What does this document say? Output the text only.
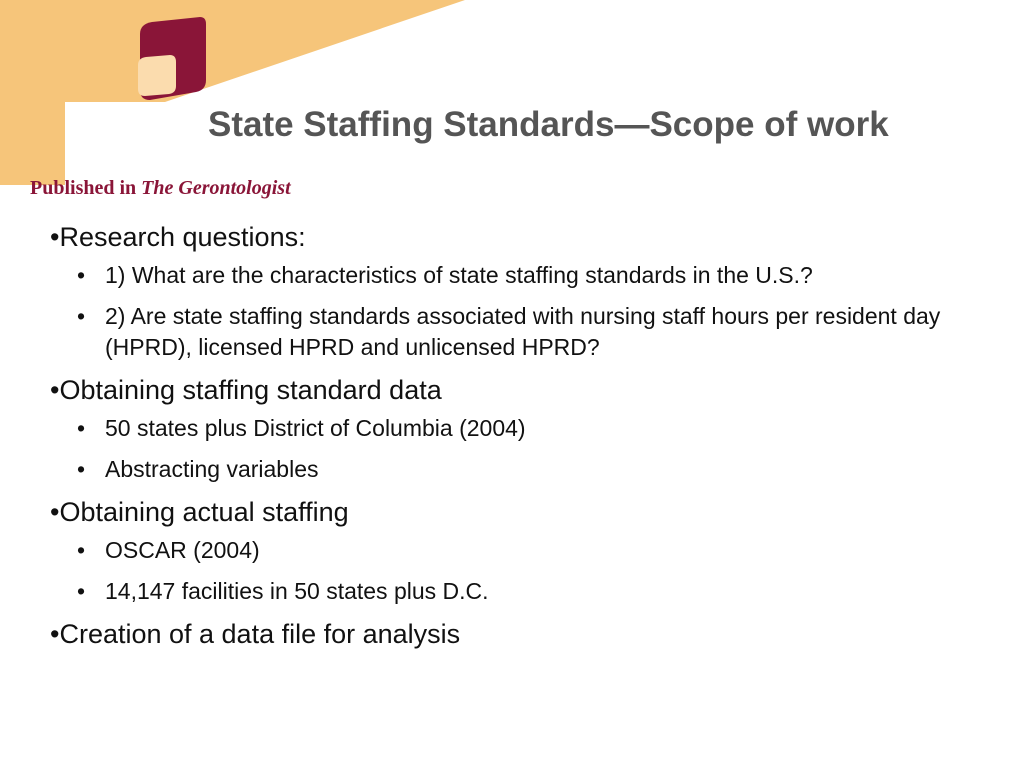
State Staffing Standards—Scope of work
Published in The Gerontologist
•Research questions:
• 1) What are the characteristics of state staffing standards in the U.S.?
• 2) Are state staffing standards associated with nursing staff hours per resident day (HPRD), licensed HPRD and unlicensed HPRD?
•Obtaining staffing standard data
• 50 states plus District of Columbia (2004)
• Abstracting variables
•Obtaining actual staffing
• OSCAR (2004)
• 14,147 facilities in 50 states plus D.C.
•Creation of a data file for analysis
